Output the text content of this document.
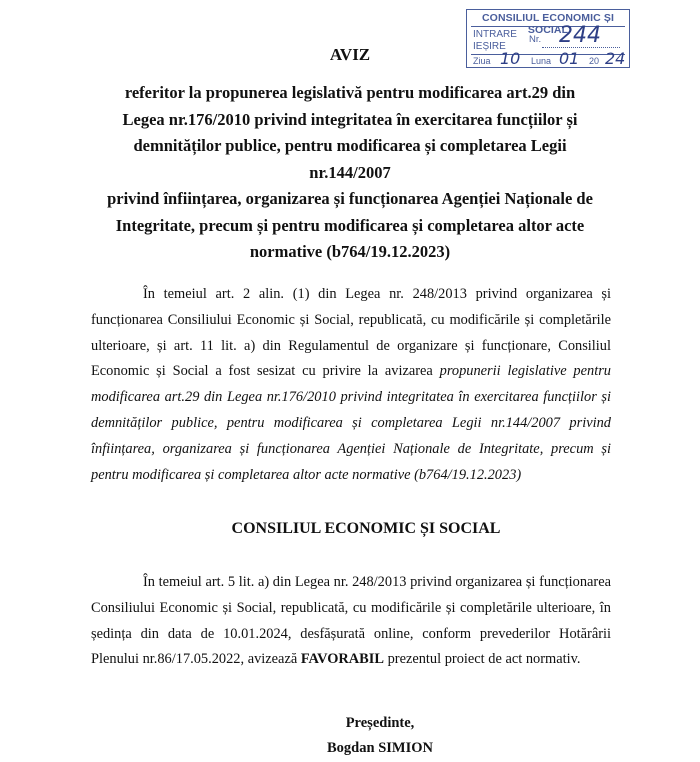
CONSILIUL ECONOMIC ȘI SOCIAL
INTRARE
IEȘIRE
Nr. 244
Ziua 10 Luna 01 20 24
AVIZ
referitor la propunerea legislativă pentru modificarea art.29 din
Legea nr.176/2010 privind integritatea în exercitarea funcțiilor și
demnităților publice, pentru modificarea și completarea Legii nr.144/2007
privind înființarea, organizarea și funcționarea Agenției Naționale de
Integritate, precum și pentru modificarea și completarea altor acte
normative (b764/19.12.2023)

În temeiul art. 2 alin. (1) din Legea nr. 248/2013 privind organizarea și funcționarea Consiliului Economic și Social, republicată, cu modificările și completările ulterioare, și art. 11 lit. a) din Regulamentul de organizare și funcționare, Consiliul Economic și Social a fost sesizat cu privire la avizarea propunerii legislative pentru modificarea art.29 din Legea nr.176/2010 privind integritatea în exercitarea funcțiilor și demnităților publice, pentru modificarea și completarea Legii nr.144/2007 privind înființarea, organizarea și funcționarea Agenției Naționale de Integritate, precum și pentru modificarea și completarea altor acte normative (b764/19.12.2023)

CONSILIUL ECONOMIC ȘI SOCIAL

În temeiul art. 5 lit. a) din Legea nr. 248/2013 privind organizarea și funcționarea Consiliului Economic și Social, republicată, cu modificările și completările ulterioare, în ședința din data de 10.01.2024, desfășurată online, conform prevederilor Hotărârii Plenului nr.86/17.05.2022, avizează FAVORABIL prezentul proiect de act normativ.

Președinte,
Bogdan SIMION
